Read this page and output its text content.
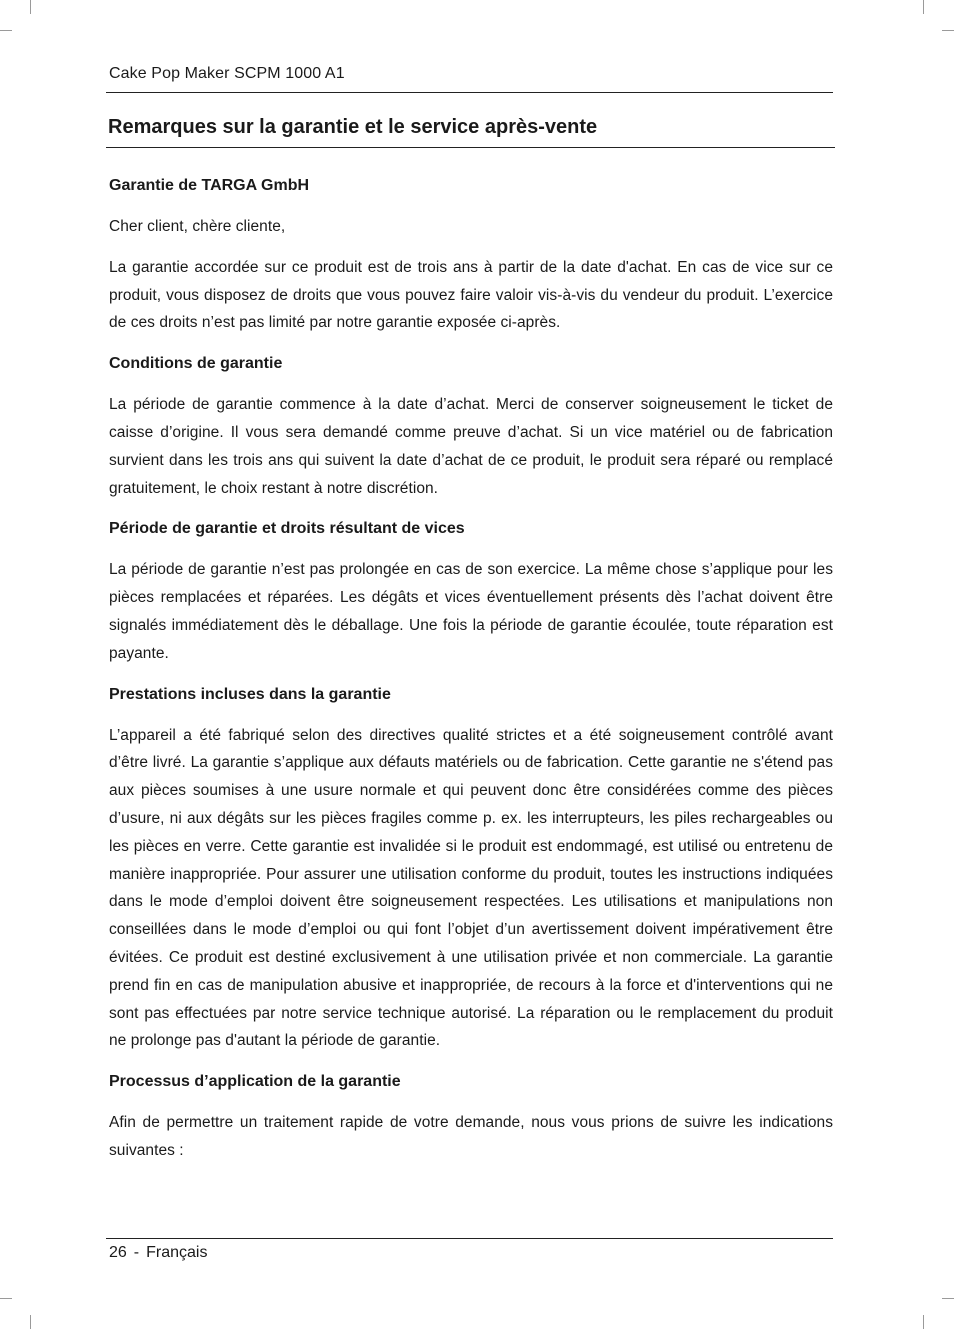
Cake Pop Maker SCPM 1000 A1
Remarques sur la garantie et le service après-vente
Garantie de TARGA GmbH

Cher client, chère cliente,

La garantie accordée sur ce produit est de trois ans à partir de la date d'achat. En cas de vice sur ce produit, vous disposez de droits que vous pouvez faire valoir vis-à-vis du vendeur du produit. L’exercice de ces droits n’est pas limité par notre garantie exposée ci-après.

Conditions de garantie

La période de garantie commence à la date d’achat. Merci de conserver soigneusement le ticket de caisse d’origine. Il vous sera demandé comme preuve d’achat. Si un vice matériel ou de fabrication survient dans les trois ans qui suivent la date d’achat de ce produit, le produit sera réparé ou remplacé gratuitement, le choix restant à notre discrétion.

Période de garantie et droits résultant de vices

La période de garantie n’est pas prolongée en cas de son exercice. La même chose s’applique pour les pièces remplacées et réparées. Les dégâts et vices éventuellement présents dès l’achat doivent être signalés immédiatement dès le déballage. Une fois la période de garantie écoulée, toute réparation est payante.

Prestations incluses dans la garantie

L’appareil a été fabriqué selon des directives qualité strictes et a été soigneusement contrôlé avant d’être livré. La garantie s’applique aux défauts matériels ou de fabrication. Cette garantie ne s'étend pas aux pièces soumises à une usure normale et qui peuvent donc être considérées comme des pièces d’usure, ni aux dégâts sur les pièces fragiles comme p. ex. les interrupteurs, les piles rechargeables ou les pièces en verre. Cette garantie est invalidée si le produit est endommagé, est utilisé ou entretenu de manière inappropriée. Pour assurer une utilisation conforme du produit, toutes les instructions indiquées dans le mode d’emploi doivent être soigneusement respectées. Les utilisations et manipulations non conseillées dans le mode d’emploi ou qui font l’objet d’un avertissement doivent impérativement être évitées. Ce produit est destiné exclusivement à une utilisation privée et non commerciale. La garantie prend fin en cas de manipulation abusive et inappropriée, de recours à la force et d'interventions qui ne sont pas effectuées par notre service technique autorisé. La réparation ou le remplacement du produit ne prolonge pas d'autant la période de garantie.

Processus d’application de la garantie

Afin de permettre un traitement rapide de votre demande, nous vous prions de suivre les indications suivantes :

26 - Français
